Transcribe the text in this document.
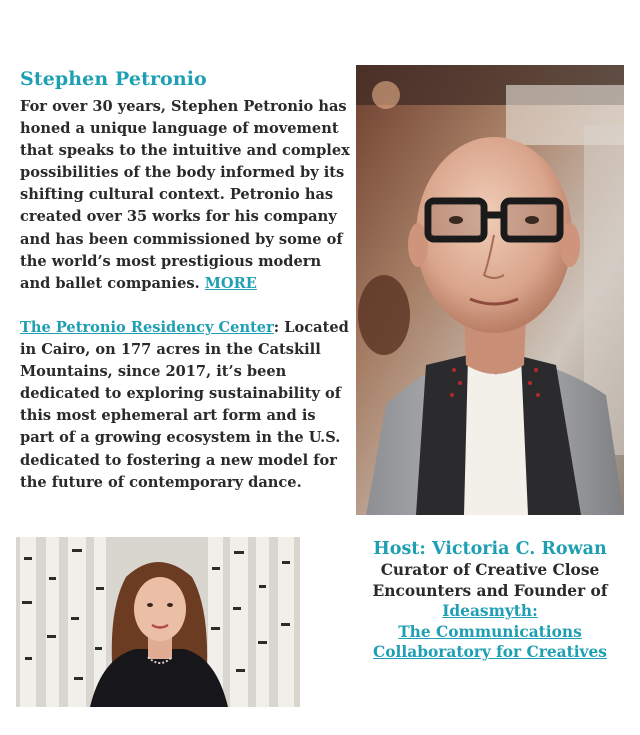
Stephen Petronio

For over 30 years, Stephen Petronio has honed a unique language of movement that speaks to the intuitive and complex possibilities of the body informed by its shifting cultural context. Petronio has created over 35 works for his company and has been commissioned by some of the world’s most prestigious modern and ballet companies. MORE

The Petronio Residency Center: Located in Cairo, on 177 acres in the Catskill Mountains, since 2017, it’s been dedicated to exploring sustainability of this most ephemeral art form and is part of a growing ecosystem in the U.S. dedicated to fostering a new model for the future of contemporary dance.

Host: Victoria C. Rowan
Curator of Creative Close
Encounters and Founder of
Ideasmyth:
The Communications
Collaboratory for Creatives
